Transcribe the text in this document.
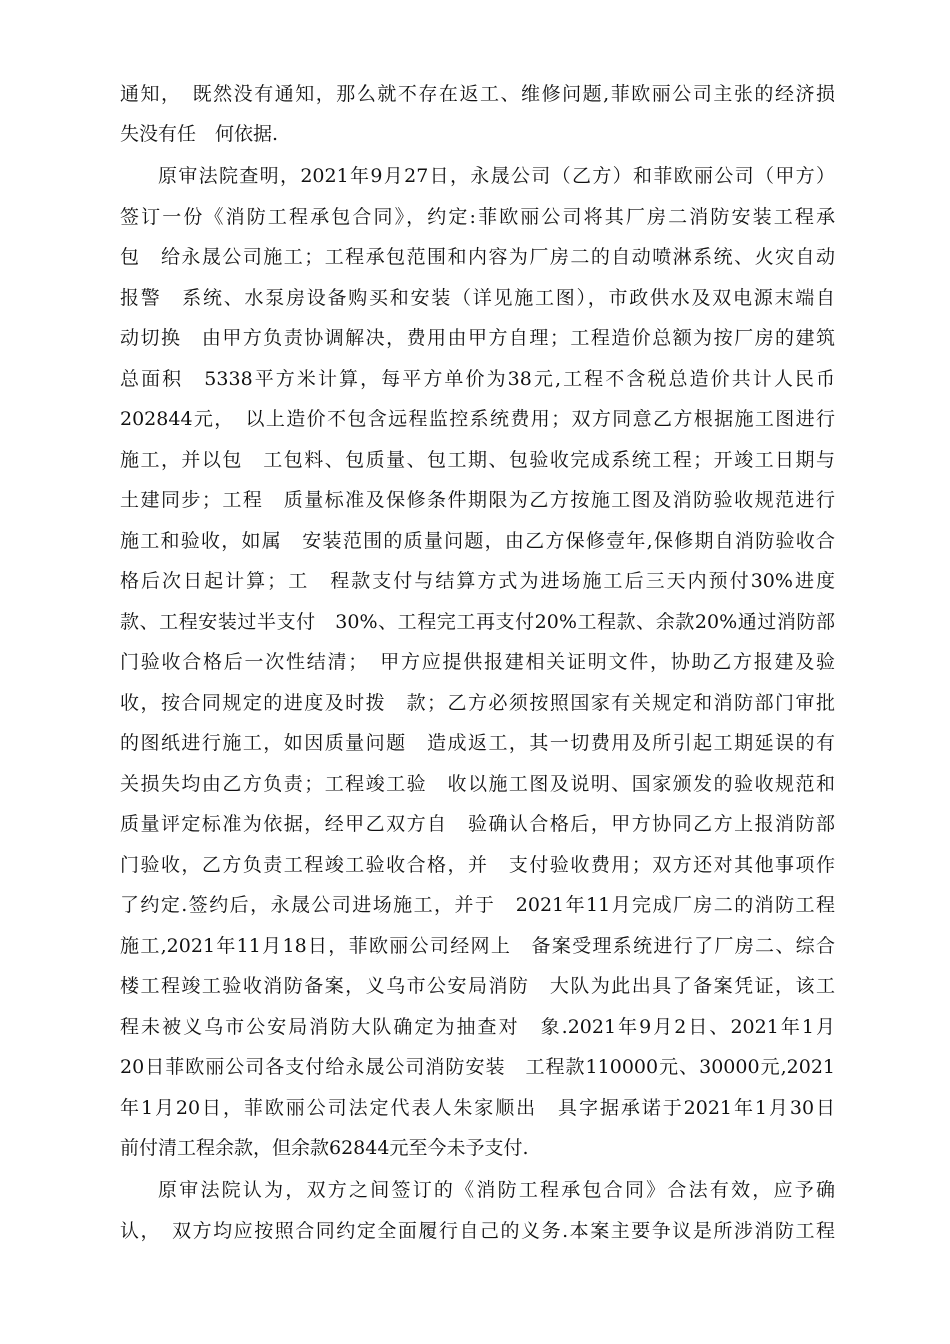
通知，　既然没有通知，那么就不存在返工、维修问题,菲欧丽公司主张的经济损
失没有任　何依据.
原审法院查明，2021年9月27日，永晟公司（乙方）和菲欧丽公司（甲方）
签订一份《消防工程承包合同》，约定:菲欧丽公司将其厂房二消防安装工程承
包　给永晟公司施工；工程承包范围和内容为厂房二的自动喷淋系统、火灾自动
报警　系统、水泵房设备购买和安装（详见施工图），市政供水及双电源末端自
动切换　由甲方负责协调解决，费用由甲方自理；工程造价总额为按厂房的建筑
总面积　5338平方米计算，每平方单价为38元,工程不含税总造价共计人民币
202844元，　以上造价不包含远程监控系统费用；双方同意乙方根据施工图进行
施工，并以包　工包料、包质量、包工期、包验收完成系统工程；开竣工日期与
土建同步；工程　质量标准及保修条件期限为乙方按施工图及消防验收规范进行
施工和验收，如属　安装范围的质量问题，由乙方保修壹年,保修期自消防验收合
格后次日起计算；工　程款支付与结算方式为进场施工后三天内预付30%进度
款、工程安装过半支付　30%、工程完工再支付20%工程款、余款20%通过消防部
门验收合格后一次性结清；　甲方应提供报建相关证明文件，协助乙方报建及验
收，按合同规定的进度及时拨　款；乙方必须按照国家有关规定和消防部门审批
的图纸进行施工，如因质量问题　造成返工，其一切费用及所引起工期延误的有
关损失均由乙方负责；工程竣工验　收以施工图及说明、国家颁发的验收规范和
质量评定标准为依据，经甲乙双方自　验确认合格后，甲方协同乙方上报消防部
门验收，乙方负责工程竣工验收合格，并　支付验收费用；双方还对其他事项作
了约定.签约后，永晟公司进场施工，并于　2021年11月完成厂房二的消防工程
施工,2021年11月18日，菲欧丽公司经网上　备案受理系统进行了厂房二、综合
楼工程竣工验收消防备案，义乌市公安局消防　大队为此出具了备案凭证，该工
程未被义乌市公安局消防大队确定为抽查对　象.2021年9月2日、2021年1月
20日菲欧丽公司各支付给永晟公司消防安装　工程款110000元、30000元,2021
年1月20日，菲欧丽公司法定代表人朱家顺出　具字据承诺于2021年1月30日
前付清工程余款，但余款62844元至今未予支付.
原审法院认为，双方之间签订的《消防工程承包合同》合法有效，应予确
认，　双方均应按照合同约定全面履行自己的义务.本案主要争议是所涉消防工程
